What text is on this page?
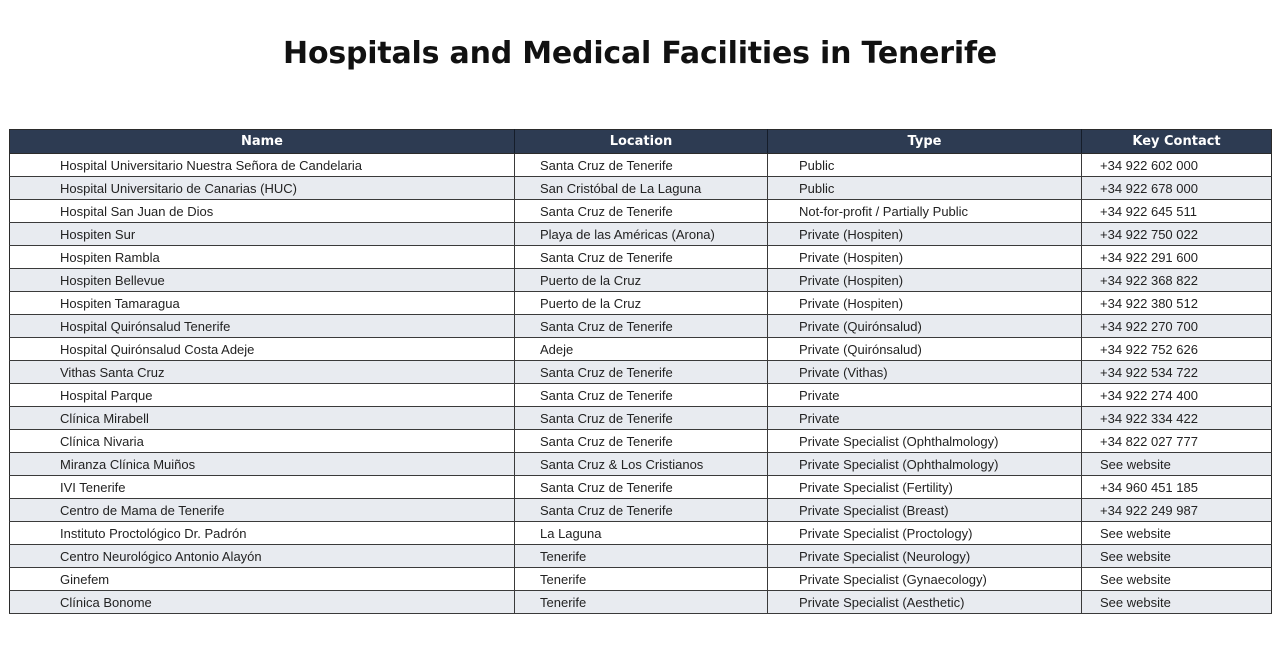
Hospitals and Medical Facilities in Tenerife
Name	Location	Type	Key Contact
Hospital Universitario Nuestra Señora de Candelaria	Santa Cruz de Tenerife	Public	+34 922 602 000
Hospital Universitario de Canarias (HUC)	San Cristóbal de La Laguna	Public	+34 922 678 000
Hospital San Juan de Dios	Santa Cruz de Tenerife	Not-for-profit / Partially Public	+34 922 645 511
Hospiten Sur	Playa de las Américas (Arona)	Private (Hospiten)	+34 922 750 022
Hospiten Rambla	Santa Cruz de Tenerife	Private (Hospiten)	+34 922 291 600
Hospiten Bellevue	Puerto de la Cruz	Private (Hospiten)	+34 922 368 822
Hospiten Tamaragua	Puerto de la Cruz	Private (Hospiten)	+34 922 380 512
Hospital Quirónsalud Tenerife	Santa Cruz de Tenerife	Private (Quirónsalud)	+34 922 270 700
Hospital Quirónsalud Costa Adeje	Adeje	Private (Quirónsalud)	+34 922 752 626
Vithas Santa Cruz	Santa Cruz de Tenerife	Private (Vithas)	+34 922 534 722
Hospital Parque	Santa Cruz de Tenerife	Private	+34 922 274 400
Clínica Mirabell	Santa Cruz de Tenerife	Private	+34 922 334 422
Clínica Nivaria	Santa Cruz de Tenerife	Private Specialist (Ophthalmology)	+34 822 027 777
Miranza Clínica Muiños	Santa Cruz & Los Cristianos	Private Specialist (Ophthalmology)	See website
IVI Tenerife	Santa Cruz de Tenerife	Private Specialist (Fertility)	+34 960 451 185
Centro de Mama de Tenerife	Santa Cruz de Tenerife	Private Specialist (Breast)	+34 922 249 987
Instituto Proctológico Dr. Padrón	La Laguna	Private Specialist (Proctology)	See website
Centro Neurológico Antonio Alayón	Tenerife	Private Specialist (Neurology)	See website
Ginefem	Tenerife	Private Specialist (Gynaecology)	See website
Clínica Bonome	Tenerife	Private Specialist (Aesthetic)	See website
